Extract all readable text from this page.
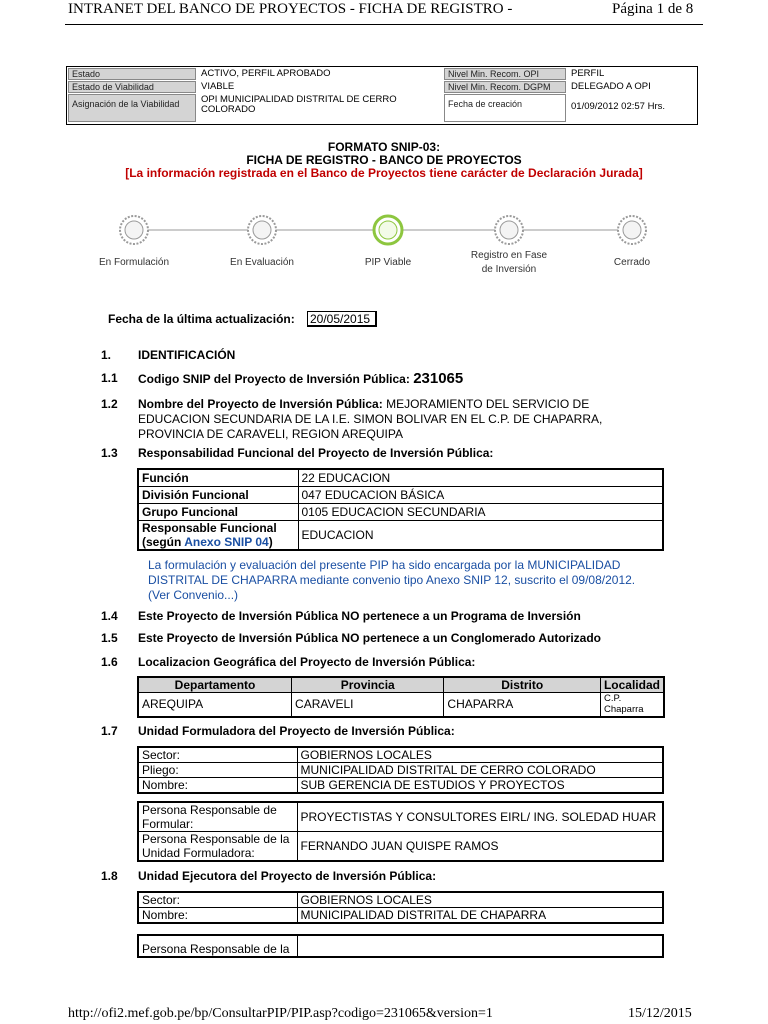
INTRANET DEL BANCO DE PROYECTOS - FICHA DE REGISTRO -	Página 1 de 8
Estado	ACTIVO, PERFIL APROBADO
Estado de Viabilidad	VIABLE
Asignación de la Viabilidad	OPI MUNICIPALIDAD DISTRITAL DE CERRO COLORADO
Nivel Min. Recom. OPI	PERFIL
Nivel Min. Recom. DGPM	DELEGADO A OPI
Fecha de creación	01/09/2012 02:57 Hrs.
FORMATO SNIP-03:
FICHA DE REGISTRO - BANCO DE PROYECTOS
[La información registrada en el Banco de Proyectos tiene carácter de Declaración Jurada]
En Formulación	En Evaluación	PIP Viable
Registro en Fase de Inversión
Cerrado
Fecha de la última actualización: 20/05/2015
1. IDENTIFICACIÓN
1.1 Codigo SNIP del Proyecto de Inversión Pública: 231065
1.2 Nombre del Proyecto de Inversión Pública: MEJORAMIENTO DEL SERVICIO DE
EDUCACION SECUNDARIA DE LA I.E. SIMON BOLIVAR EN EL C.P. DE CHAPARRA,
PROVINCIA DE CARAVELI, REGION AREQUIPA
1.3 Responsabilidad Funcional del Proyecto de Inversión Pública:
Función	22 EDUCACION
División Funcional	047 EDUCACION BÁSICA
Grupo Funcional	0105 EDUCACION SECUNDARIA
Responsable Funcional
(según Anexo SNIP 04)	EDUCACION
La formulación y evaluación del presente PIP ha sido encargada por la MUNICIPALIDAD
DISTRITAL DE CHAPARRA mediante convenio tipo Anexo SNIP 12, suscrito el 09/08/2012.
(Ver Convenio...)
1.4 Este Proyecto de Inversión Pública NO pertenece a un Programa de Inversión
1.5 Este Proyecto de Inversión Pública NO pertenece a un Conglomerado Autorizado
1.6 Localizacion Geográfica del Proyecto de Inversión Pública:
Departamento	Provincia	Distrito	Localidad
AREQUIPA	CARAVELI	CHAPARRA	C.P. Chaparra
1.7 Unidad Formuladora del Proyecto de Inversión Pública:
Sector:	GOBIERNOS LOCALES
Pliego:	MUNICIPALIDAD DISTRITAL DE CERRO COLORADO
Nombre:	SUB GERENCIA DE ESTUDIOS Y PROYECTOS
Persona Responsable de Formular:	PROYECTISTAS Y CONSULTORES EIRL/ ING. SOLEDAD HUAR
Persona Responsable de la Unidad Formuladora:	FERNANDO JUAN QUISPE RAMOS
1.8 Unidad Ejecutora del Proyecto de Inversión Pública:
Sector:	GOBIERNOS LOCALES
Nombre:	MUNICIPALIDAD DISTRITAL DE CHAPARRA
Persona Responsable de la	
http://ofi2.mef.gob.pe/bp/ConsultarPIP/PIP.asp?codigo=231065&version=1	15/12/2015
